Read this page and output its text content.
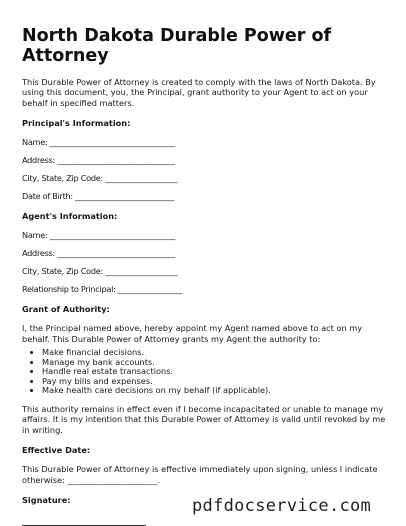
North Dakota Durable Power of Attorney

This Durable Power of Attorney is created to comply with the laws of North Dakota. By using this document, you, the Principal, grant authority to your Agent to act on your behalf in specified matters.

Principal's Information:
Name: _________________________________
Address: _______________________________
City, State, Zip Code: ___________________
Date of Birth: __________________________
Agent's Information:
Name: _________________________________
Address: _______________________________
City, State, Zip Code: ___________________
Relationship to Principal: _________________
Grant of Authority:

I, the Principal named above, hereby appoint my Agent named above to act on my behalf. This Durable Power of Attorney grants my Agent the authority to:

• Make financial decisions.
• Manage my bank accounts.
• Handle real estate transactions.
• Pay my bills and expenses.
• Make health care decisions on my behalf (if applicable).

This authority remains in effect even if I become incapacitated or unable to manage my affairs. It is my intention that this Durable Power of Attorney is valid until revoked by me in writing.

Effective Date:

This Durable Power of Attorney is effective immediately upon signing, unless I indicate otherwise: ______________________.

Signature:	pdfdocservice.com
